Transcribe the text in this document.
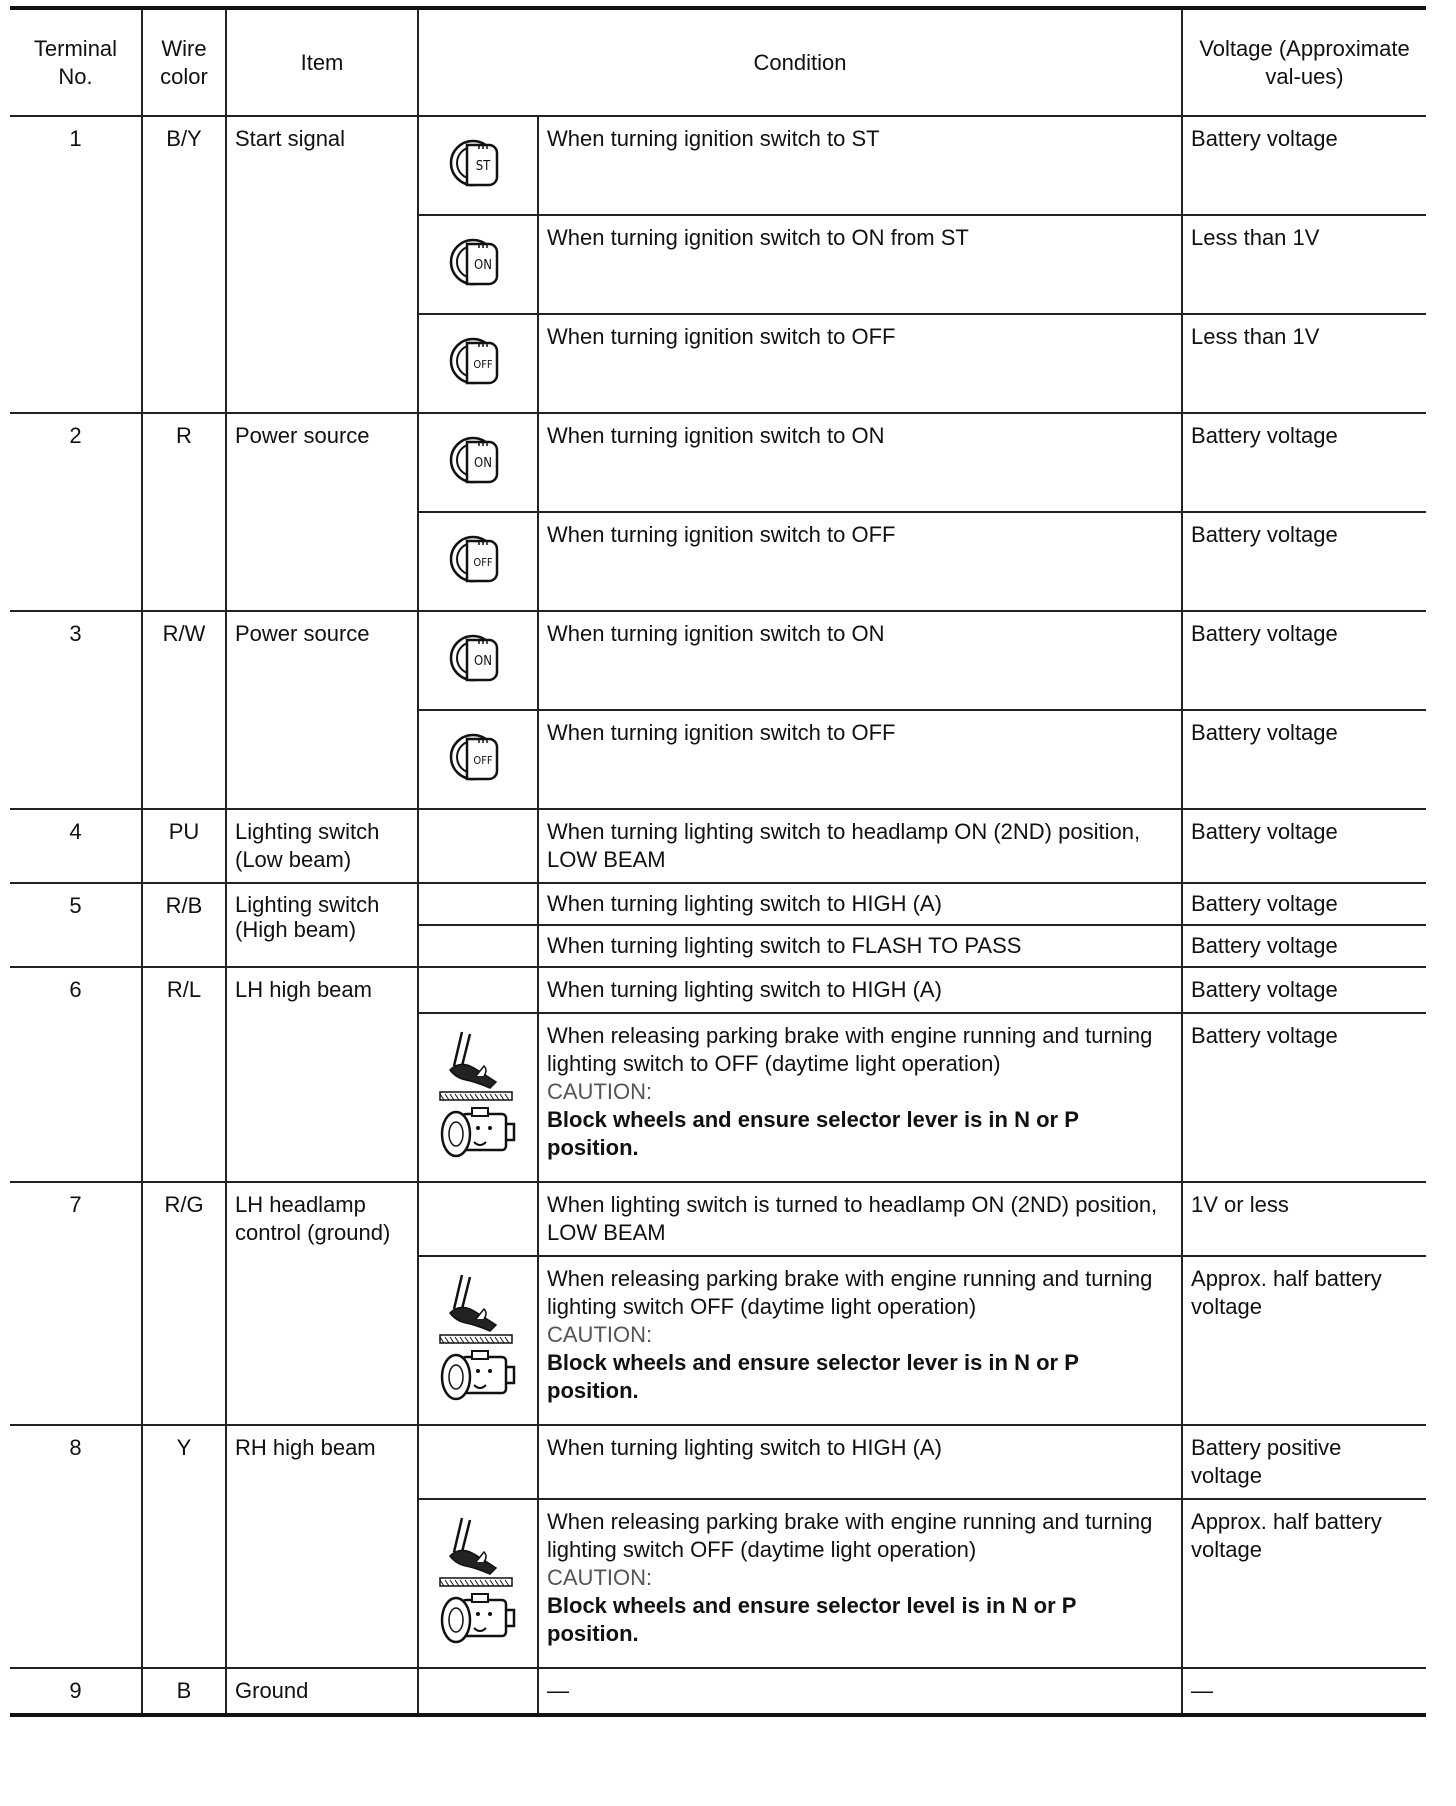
Terminal No.	Wire color	Item	Condition		Voltage (Approximate val-ues)
1	B/Y	Start signal	ST	When turning ignition switch to ST	Battery voltage

ON	When turning ignition switch to ON from ST	Less than 1V

OFF	When turning ignition switch to OFF	Less than 1V
2	R	Power source	ON	When turning ignition switch to ON	Battery voltage

OFF	When turning ignition switch to OFF	Battery voltage
3	R/W	Power source	ON	When turning ignition switch to ON	Battery voltage

OFF	When turning ignition switch to OFF	Battery voltage
4	PU	Lighting switch (Low beam)		When turning lighting switch to headlamp ON (2ND) position, LOW BEAM	Battery voltage
5	R/B	Lighting switch (High beam)		When turning lighting switch to HIGH (A)	Battery voltage

				When turning lighting switch to FLASH TO PASS	Battery voltage
6	R/L	LH high beam		When turning lighting switch to HIGH (A)	Battery voltage

When releasing parking brake with engine running and turning lighting switch to OFF (daytime light operation)
CAUTION:
Block wheels and ensure selector lever is in N or P position.	Battery voltage
7	R/G	LH headlamp control (ground)		When lighting switch is turned to headlamp ON (2ND) position, LOW BEAM	1V or less

When releasing parking brake with engine running and turning lighting switch OFF (daytime light operation)
CAUTION:
Block wheels and ensure selector lever is in N or P position.	Approx. half battery voltage
8	Y	RH high beam		When turning lighting switch to HIGH (A)	Battery positive voltage

When releasing parking brake with engine running and turning lighting switch OFF (daytime light operation)
CAUTION:
Block wheels and ensure selector level is in N or P position.	Approx. half battery voltage
9	B	Ground		—	—
